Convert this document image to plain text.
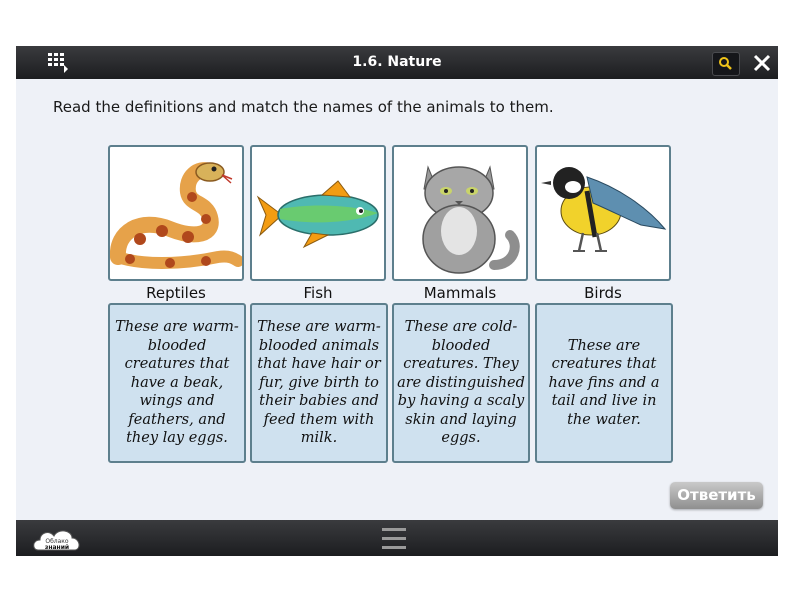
1.6. Nature
Read the definitions and match the names of the animals to them.
Reptiles	Fish	Mammals	Birds
These are warm-blooded creatures that have a beak, wings and feathers, and they lay eggs.
These are warm-blooded animals that have hair or fur, give birth to their babies and feed them with milk.
These are cold-blooded creatures. They are distinguished by having a scaly skin and laying eggs.
These are creatures that have fins and a tail and live in the water.
Ответить
Облако
знаний
